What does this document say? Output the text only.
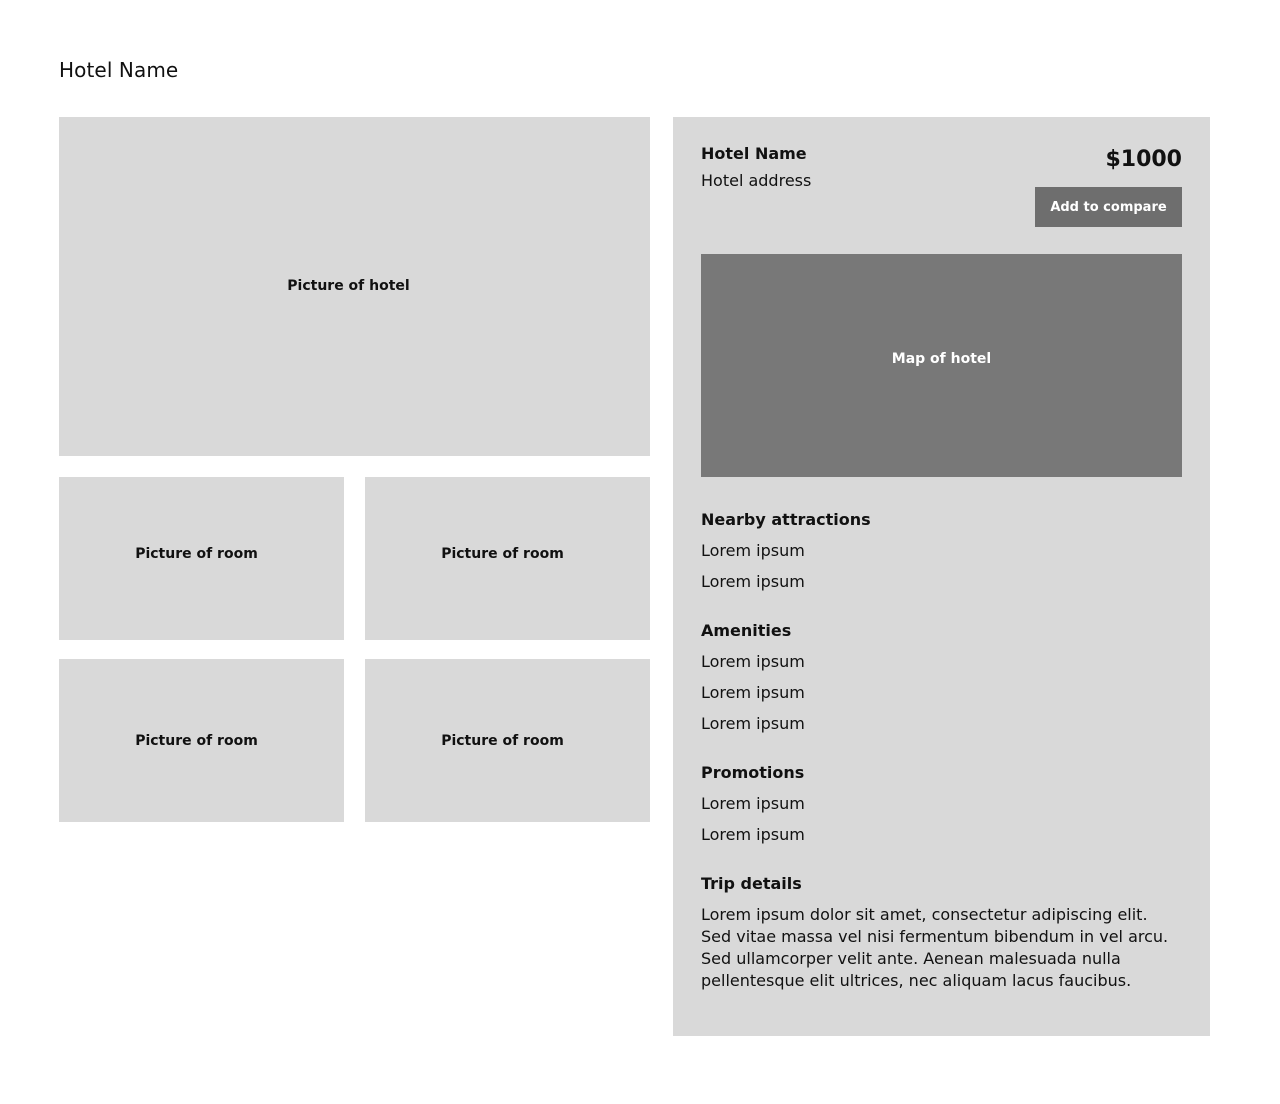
Hotel Name
Picture of hotel
Picture of room	Picture of room
Picture of room	Picture of room
Hotel Name
Hotel address
$1000
Add to compare
Map of hotel
Nearby attractions
Lorem ipsum
Lorem ipsum
Amenities
Lorem ipsum
Lorem ipsum
Lorem ipsum
Promotions
Lorem ipsum
Lorem ipsum
Trip details
Lorem ipsum dolor sit amet, consectetur adipiscing elit. Sed vitae massa vel nisi fermentum bibendum in vel arcu. Sed ullamcorper velit ante. Aenean malesuada nulla pellentesque elit ultrices, nec aliquam lacus faucibus.
